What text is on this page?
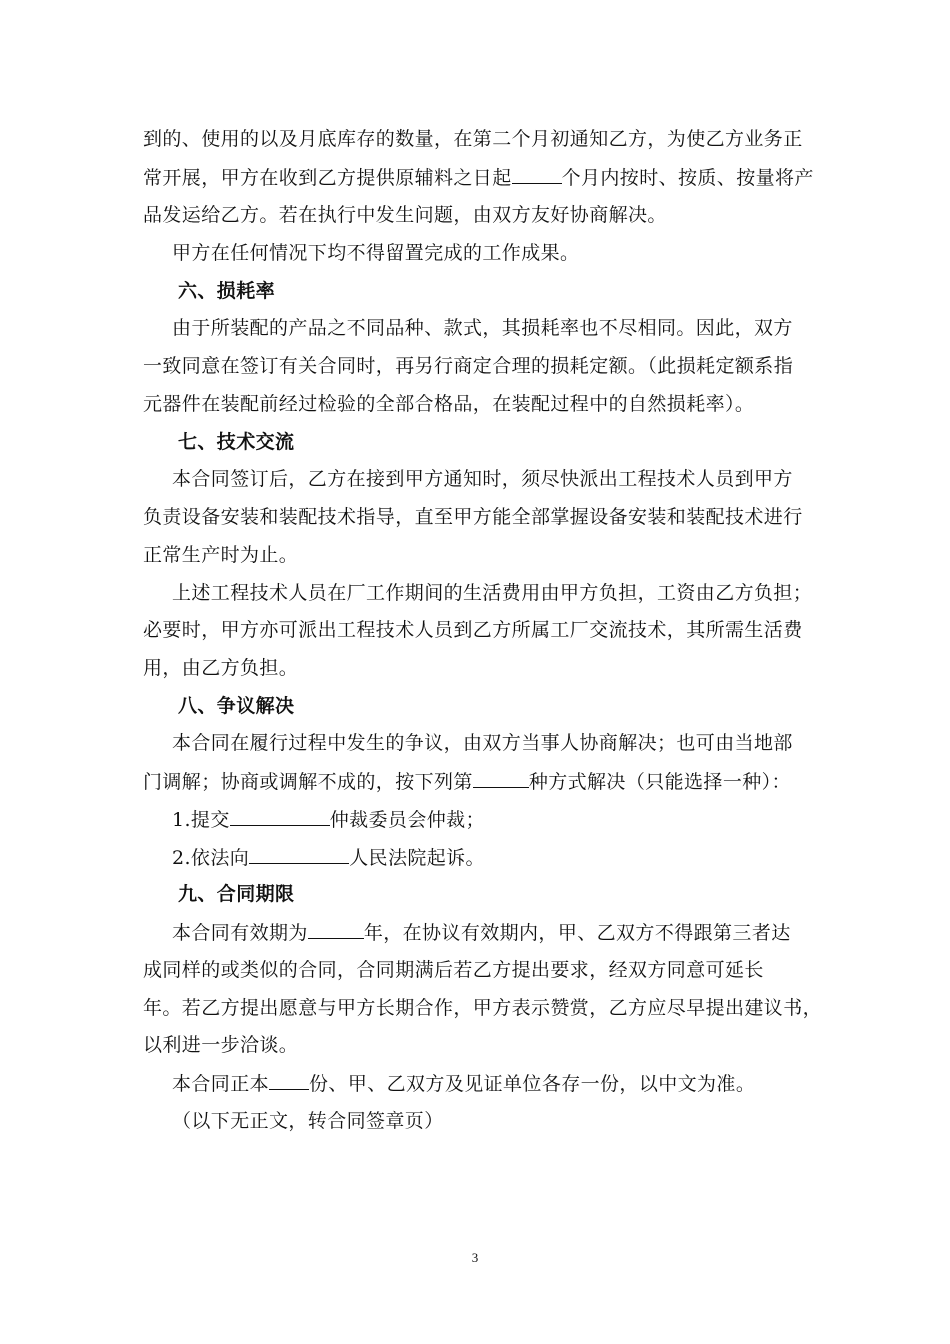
到的、使用的以及月底库存的数量，在第二个月初通知乙方，为使乙方业务正
常开展，甲方在收到乙方提供原辅料之日起	个月内按时、按质、按量将产
品发运给乙方。若在执行中发生问题，由双方友好协商解决。
甲方在任何情况下均不得留置完成的工作成果。
六、损耗率
由于所装配的产品之不同品种、款式，其损耗率也不尽相同。因此，双方
一致同意在签订有关合同时，再另行商定合理的损耗定额。（此损耗定额系指
元器件在装配前经过检验的全部合格品，在装配过程中的自然损耗率）。
七、技术交流
本合同签订后，乙方在接到甲方通知时，须尽快派出工程技术人员到甲方
负责设备安装和装配技术指导，直至甲方能全部掌握设备安装和装配技术进行
正常生产时为止。
上述工程技术人员在厂工作期间的生活费用由甲方负担，工资由乙方负担；
必要时，甲方亦可派出工程技术人员到乙方所属工厂交流技术，其所需生活费
用，由乙方负担。
八、争议解决
本合同在履行过程中发生的争议，由双方当事人协商解决；也可由当地部
门调解；协商或调解不成的，按下列第	种方式解决（只能选择一种）：
1.提交	仲裁委员会仲裁；
2.依法向	人民法院起诉。
九、合同期限
本合同有效期为	年，在协议有效期内，甲、乙双方不得跟第三者达
成同样的或类似的合同，合同期满后若乙方提出要求，经双方同意可延长
年。若乙方提出愿意与甲方长期合作，甲方表示赞赏，乙方应尽早提出建议书，
以利进一步洽谈。
本合同正本 份、甲、乙双方及见证单位各存一份，以中文为准。
（以下无正文，转合同签章页）
3
